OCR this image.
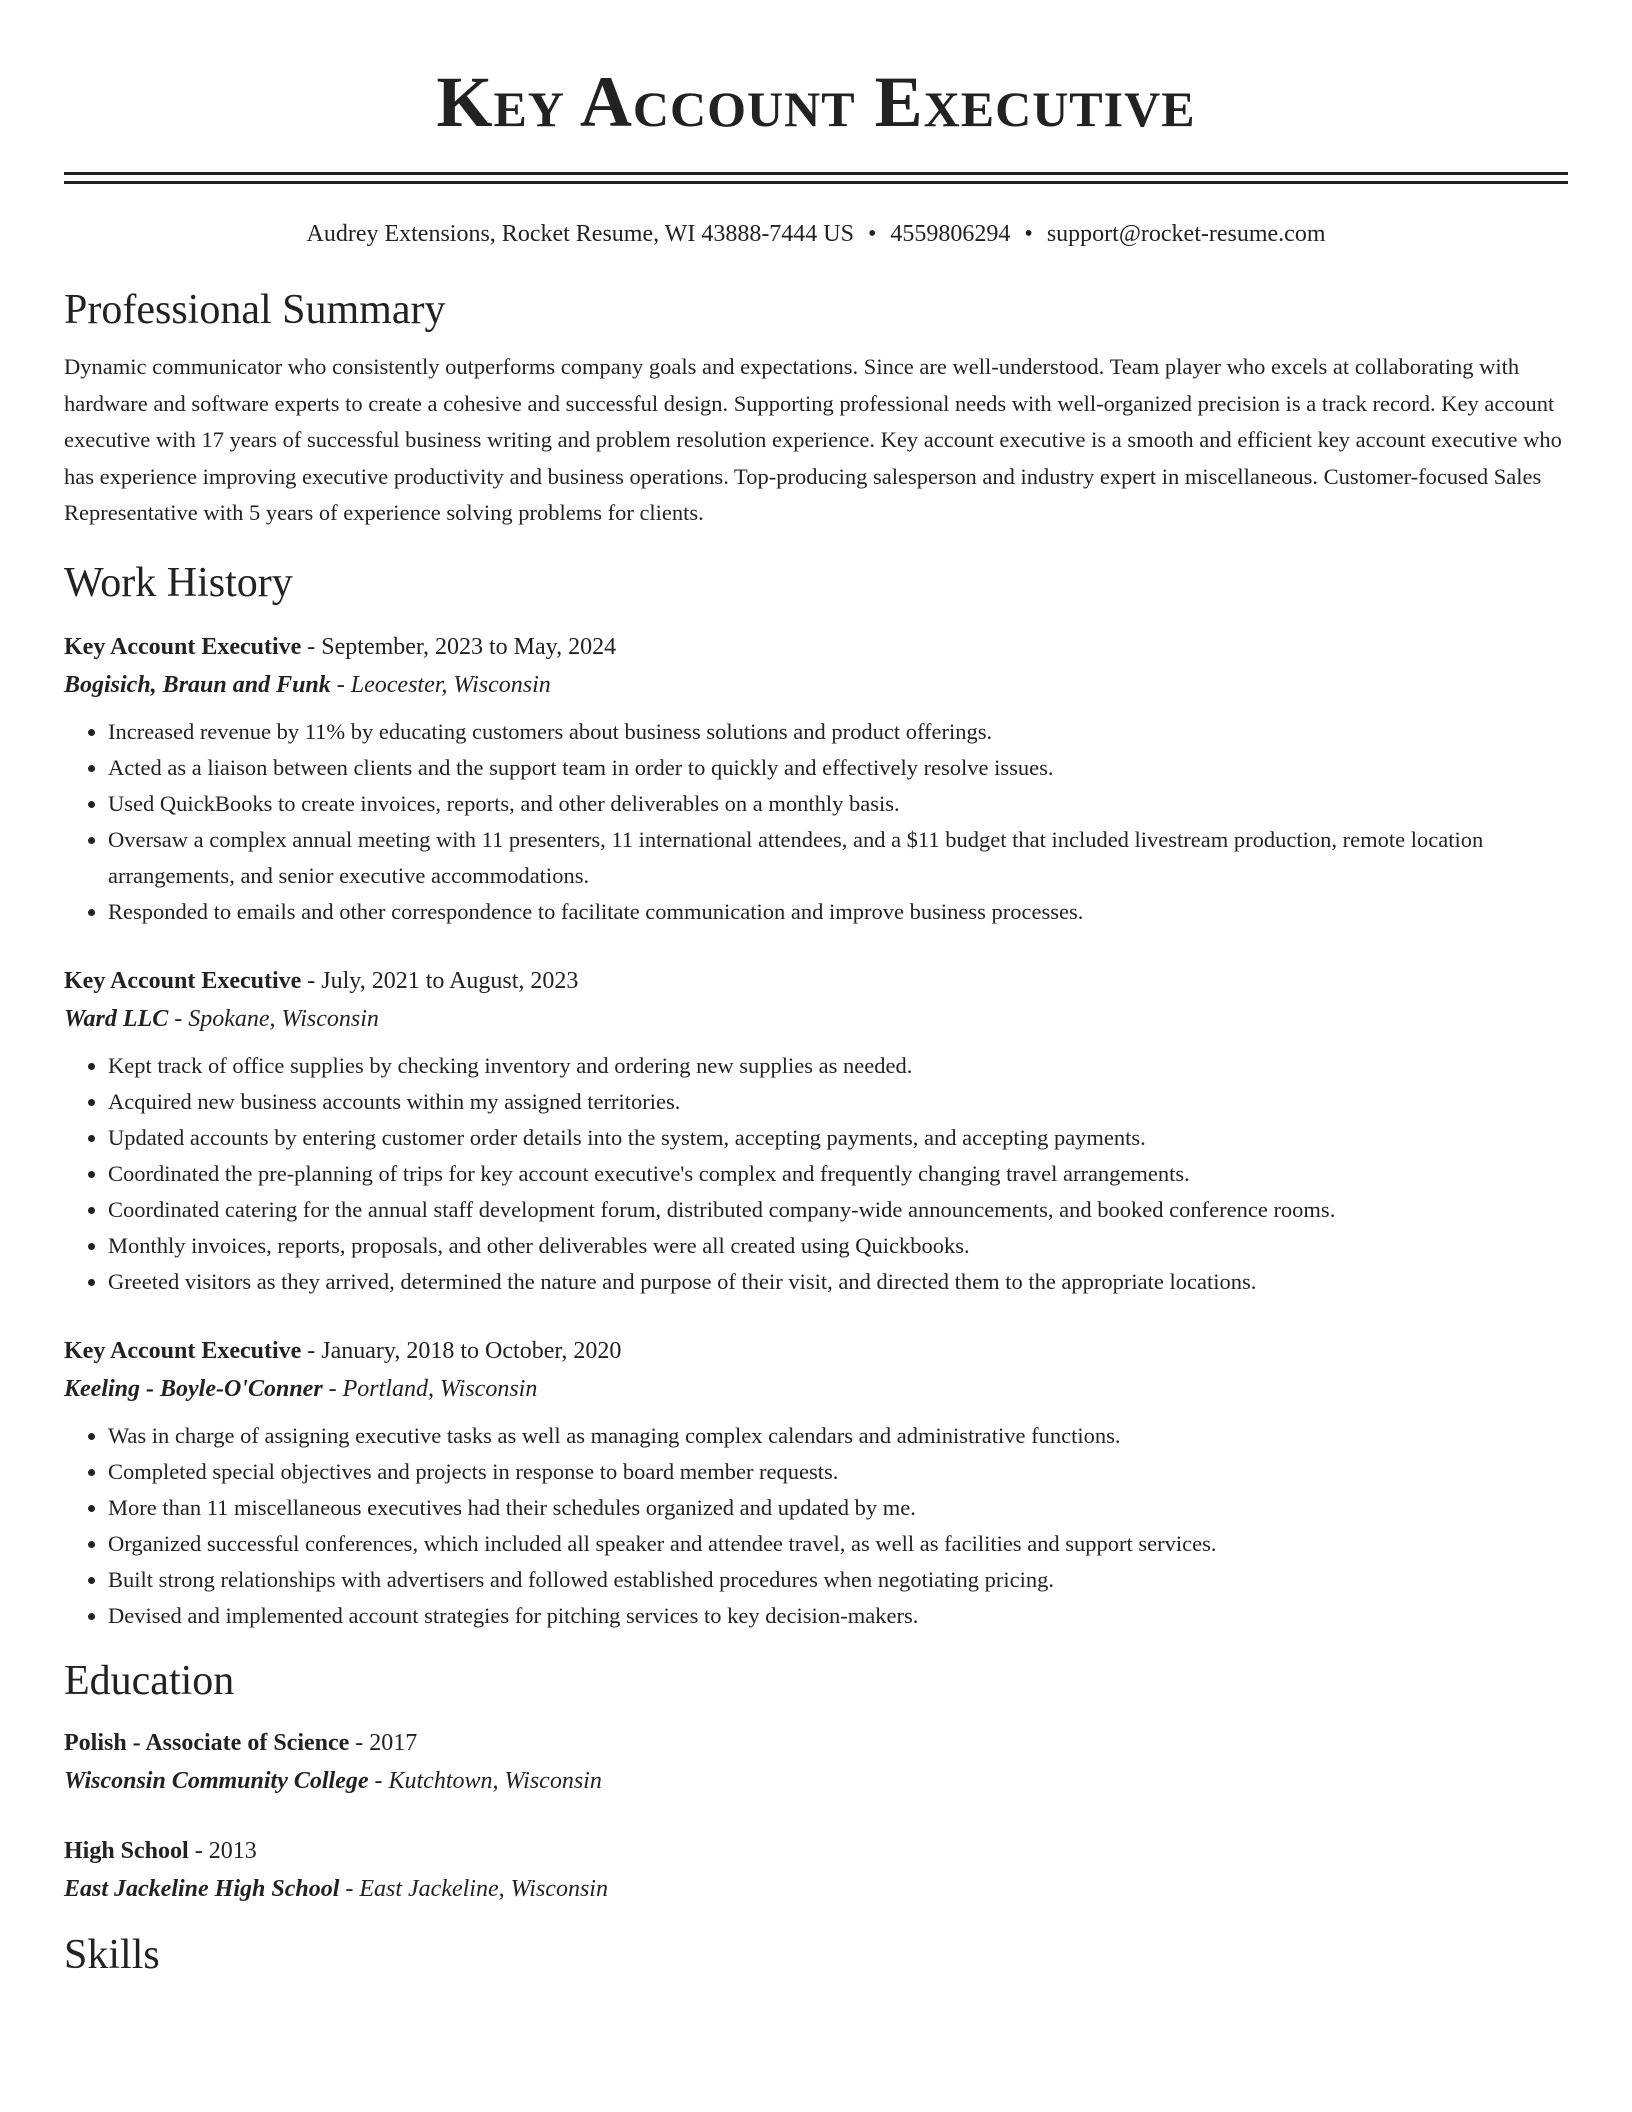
Key Account Executive
Audrey Extensions, Rocket Resume, WI 43888-7444 US • 4559806294 • support@rocket-resume.com
Professional Summary

Dynamic communicator who consistently outperforms company goals and expectations. Since are well-understood. Team player who excels at collaborating with hardware and software experts to create a cohesive and successful design. Supporting professional needs with well-organized precision is a track record. Key account executive with 17 years of successful business writing and problem resolution experience. Key account executive is a smooth and efficient key account executive who has experience improving executive productivity and business operations. Top-producing salesperson and industry expert in miscellaneous. Customer-focused Sales Representative with 5 years of experience solving problems for clients.

Work History
Key Account Executive - September, 2023 to May, 2024
Bogisich, Braun and Funk - Leocester, Wisconsin
• Increased revenue by 11% by educating customers about business solutions and product offerings.
• Acted as a liaison between clients and the support team in order to quickly and effectively resolve issues.
• Used QuickBooks to create invoices, reports, and other deliverables on a monthly basis.
• Oversaw a complex annual meeting with 11 presenters, 11 international attendees, and a $11 budget that included livestream production, remote location arrangements, and senior executive accommodations.
• Responded to emails and other correspondence to facilitate communication and improve business processes.
Key Account Executive - July, 2021 to August, 2023
Ward LLC - Spokane, Wisconsin
• Kept track of office supplies by checking inventory and ordering new supplies as needed.
• Acquired new business accounts within my assigned territories.
• Updated accounts by entering customer order details into the system, accepting payments, and accepting payments.
• Coordinated the pre-planning of trips for key account executive's complex and frequently changing travel arrangements.
• Coordinated catering for the annual staff development forum, distributed company-wide announcements, and booked conference rooms.
• Monthly invoices, reports, proposals, and other deliverables were all created using Quickbooks.
• Greeted visitors as they arrived, determined the nature and purpose of their visit, and directed them to the appropriate locations.
Key Account Executive - January, 2018 to October, 2020
Keeling - Boyle-O'Conner - Portland, Wisconsin
• Was in charge of assigning executive tasks as well as managing complex calendars and administrative functions.
• Completed special objectives and projects in response to board member requests.
• More than 11 miscellaneous executives had their schedules organized and updated by me.
• Organized successful conferences, which included all speaker and attendee travel, as well as facilities and support services.
• Built strong relationships with advertisers and followed established procedures when negotiating pricing.
• Devised and implemented account strategies for pitching services to key decision-makers.
Education
Polish - Associate of Science - 2017
Wisconsin Community College - Kutchtown, Wisconsin
High School - 2013
East Jackeline High School - East Jackeline, Wisconsin
Skills
